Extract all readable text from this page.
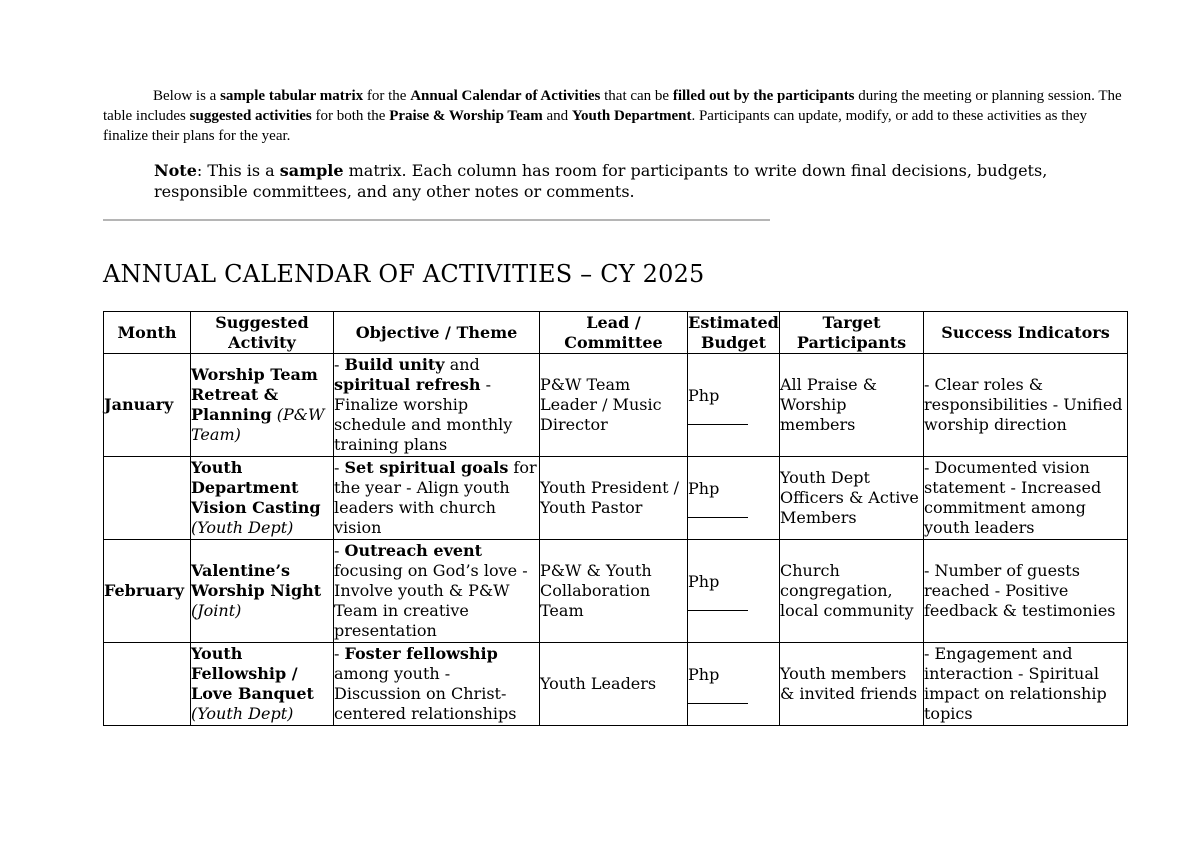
Below is a sample tabular matrix for the Annual Calendar of Activities that can be filled out by the participants during the meeting or planning session. The table includes suggested activities for both the Praise & Worship Team and Youth Department. Participants can update, modify, or add to these activities as they finalize their plans for the year.

Note: This is a sample matrix. Each column has room for participants to write down final decisions, budgets, responsible committees, and any other notes or comments.

ANNUAL CALENDAR OF ACTIVITIES – CY 2025
Month	Suggested Activity	Objective / Theme	Lead / Committee	Estimated Budget	Target Participants	Success Indicators
January	Worship Team Retreat & Planning (P&W Team)	- Build unity and spiritual refresh - Finalize worship schedule and monthly training plans	P&W Team Leader / Music Director	Php	All Praise & Worship members	- Clear roles & responsibilities - Unified worship direction
	Youth Department Vision Casting (Youth Dept)	- Set spiritual goals for the year - Align youth leaders with church vision	Youth President / Youth Pastor	Php	Youth Dept Officers & Active Members	- Documented vision statement - Increased commitment among youth leaders
February	Valentine’s Worship Night (Joint)	- Outreach event focusing on God’s love - Involve youth & P&W Team in creative presentation	P&W & Youth Collaboration Team	Php	Church congregation, local community	- Number of guests reached - Positive feedback & testimonies
	Youth Fellowship / Love Banquet (Youth Dept)	- Foster fellowship among youth - Discussion on Christ-centered relationships	Youth Leaders	Php	Youth members & invited friends	- Engagement and interaction - Spiritual impact on relationship topics
